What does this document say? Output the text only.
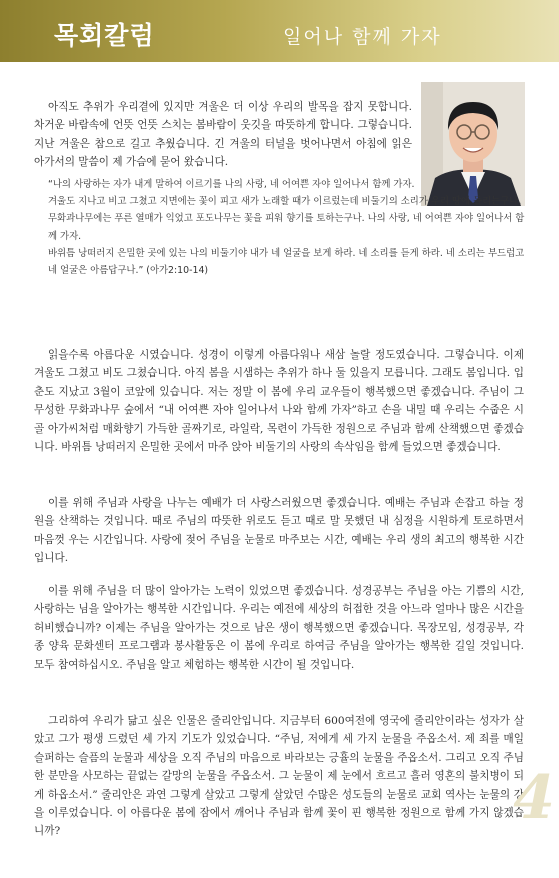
목회칼럼	일어나 함께 가자

아직도 추위가 우리곁에 있지만 겨울은 더 이상 우리의 발목을 잡지 못합니다. 차거운 바람속에 언뜻 언뜻 스치는 봄바람이 웃깃을 따뜻하게 합니다. 그렇습니다. 지난 겨울은 참으로 길고 추웠습니다. 긴 겨울의 터널을 벗어나면서 아침에 읽은 아가서의 말씀이 제 가슴에 묻어 왔습니다.

“나의 사랑하는 자가 내게 말하여 이르기를 나의 사랑, 네 어여쁜 자야 일어나서 함께 가자.

겨울도 지나고 비고 그쳤고 지면에는 꽃이 피고 새가 노래할 때가 이르렀는데 비둘기의 소리가 우리 땅에 들리는구나.

무화과나무에는 푸른 열매가 익었고 포도나무는 꽃을 피워 향기를 토하는구나. 나의 사랑, 네 어여쁜 자야 일어나서 함께 가자.

바위틈 낭떠러지 은밀한 곳에 있는 나의 비둘기야 내가 네 얼굴을 보게 하라. 네 소리를 듣게 하라. 네 소리는 부드럽고 네 얼굴은 아름답구나.” (아가2:10-14)

읽을수록 아름다운 시였습니다. 성경이 이렇게 아름다워나 새삼 놀랄 정도였습니다. 그렇습니다. 이제 겨울도 그쳤고 비도 그쳤습니다. 아직 봄을 시샘하는 추위가 하나 둘 있을지 모릅니다. 그래도 봄입니다. 입춘도 지났고 3월이 코앞에 있습니다. 저는 정말 이 봄에 우리 교우들이 행복했으면 좋겠습니다. 주님이 그 무성한 무화과나무 숲에서 “내 어여쁜 자야 일어나서 나와 함께 가자”하고 손을 내밀 때 우리는 수줍은 시골 아가씨처럼 매화향기 가득한 골짜기로, 라일락, 목련이 가득한 정원으로 주님과 함께 산책했으면 좋겠습니다. 바위틈 낭떠러지 은밀한 곳에서 마주 앉아 비둘기의 사랑의 속삭임을 함께 들었으면 좋겠습니다.

이를 위해 주님과 사랑을 나누는 예배가 더 사랑스러웠으면 좋겠습니다. 예배는 주님과 손잡고 하늘 정원을 산책하는 것입니다. 때로 주님의 따뜻한 위로도 듣고 때로 말 못했던 내 심정을 시원하게 토로하면서 마음껏 우는 시간입니다. 사랑에 젖어 주님을 눈물로 마주보는 시간, 예배는 우리 생의 최고의 행복한 시간입니다.

이를 위해 주님을 더 많이 알아가는 노력이 있었으면 좋겠습니다. 성경공부는 주님을 아는 기쁨의 시간, 사랑하는 님을 알아가는 행복한 시간입니다. 우리는 예전에 세상의 허접한 것을 아느라 얼마나 많은 시간을 허비했습니까? 이제는 주님을 알아가는 것으로 남은 생이 행복했으면 좋겠습니다. 목장모임, 성경공부, 각종 양육 문화센터 프로그램과 봉사활동은 이 봄에 우리로 하여금 주님을 알아가는 행복한 길일 것입니다. 모두 참여하십시오. 주님을 알고 체험하는 행복한 시간이 될 것입니다.

그리하여 우리가 닮고 싶은 인물은 줄리안입니다. 지금부터 600여전에 영국에 줄리안이라는 성자가 살았고 그가 평생 드렸던 세 가지 기도가 있었습니다. “주님, 저에게 세 가지 눈물을 주옵소서. 제 죄를 매일 슬퍼하는 슬픔의 눈물과 세상을 오직 주님의 마음으로 바라보는 긍휼의 눈물을 주옵소서. 그리고 오직 주님 한 분만을 사모하는 끝없는 갈망의 눈물을 주옵소서. 그 눈물이 제 눈에서 흐르고 흘러 영혼의 불치병이 되게 하옵소서.” 줄리안은 과연 그렇게 살았고 그렇게 살았던 수많은 성도들의 눈물로 교회 역사는 눈물의 강을 이루었습니다. 이 아름다운 봄에 잠에서 깨어나 주님과 함께 꽃이 핀 행복한 정원으로 함께 가지 않겠습니까?	4
